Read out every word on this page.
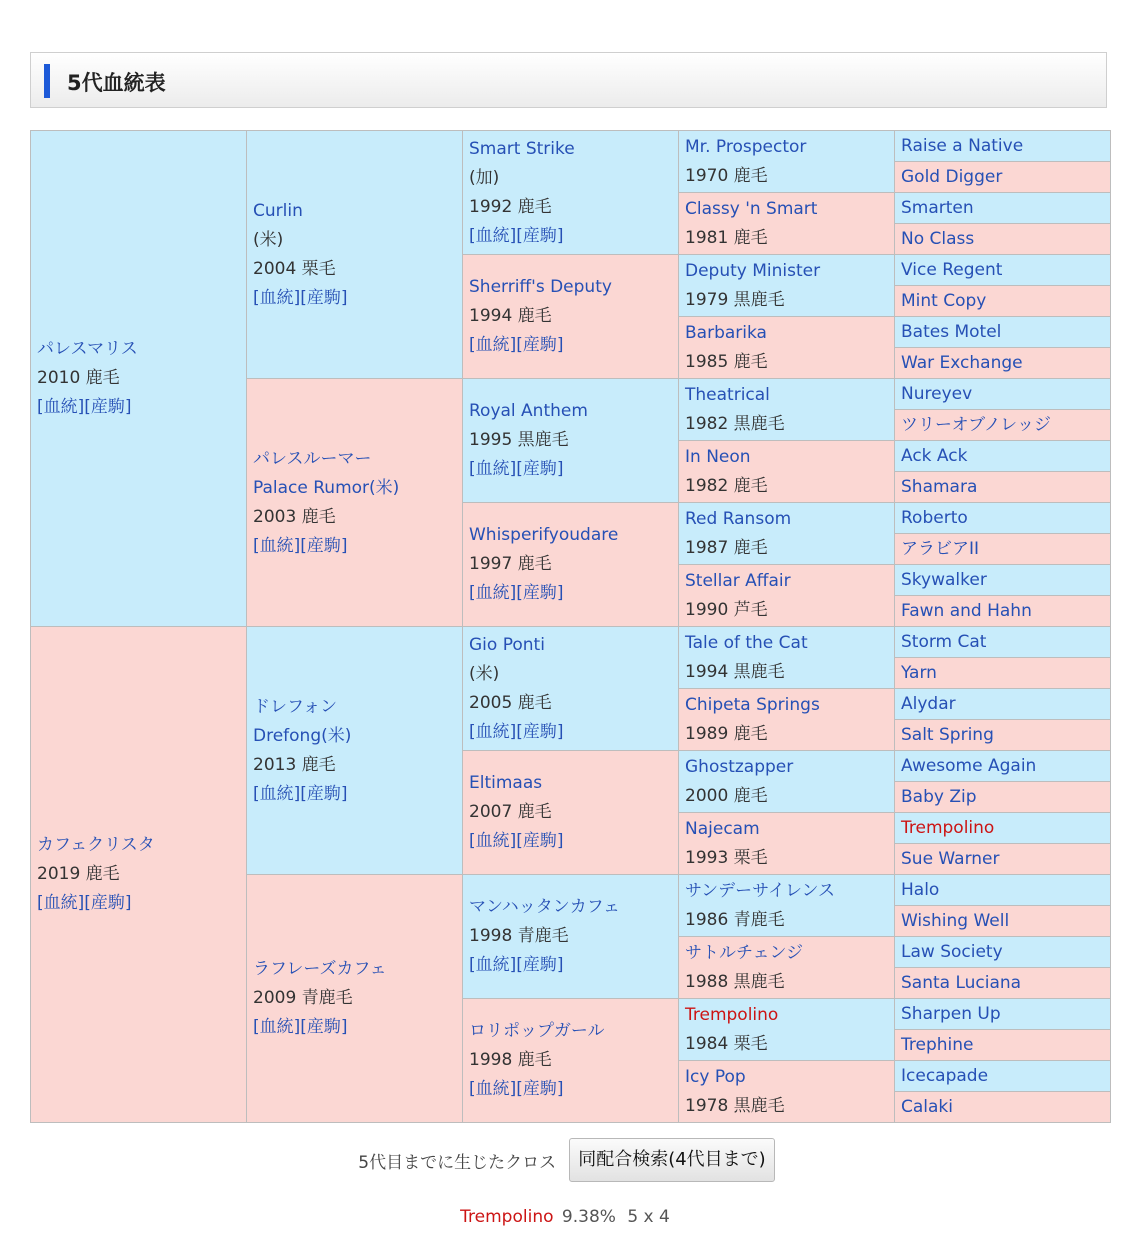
5代血統表
パレスマリス
2010 鹿毛
[血統][産駒]	Curlin
(米)
2004 栗毛
[血統][産駒]	Smart Strike
(加)
1992 鹿毛
[血統][産駒]	Mr. Prospector
1970 鹿毛	Raise a Native
				Gold Digger
			Classy 'n Smart
1981 鹿毛	Smarten
				No Class
		Sherriff's Deputy
1994 鹿毛
[血統][産駒]	Deputy Minister
1979 黒鹿毛	Vice Regent
				Mint Copy
			Barbarika
1985 鹿毛	Bates Motel
				War Exchange
	パレスルーマー
Palace Rumor(米)
2003 鹿毛
[血統][産駒]	Royal Anthem
1995 黒鹿毛
[血統][産駒]	Theatrical
1982 黒鹿毛	Nureyev
				ツリーオブノレッジ
			In Neon
1982 鹿毛	Ack Ack
				Shamara
		Whisperifyoudare
1997 鹿毛
[血統][産駒]	Red Ransom
1987 鹿毛	Roberto
				アラビアII
			Stellar Affair
1990 芦毛	Skywalker
				Fawn and Hahn
カフェクリスタ
2019 鹿毛
[血統][産駒]	ドレフォン
Drefong(米)
2013 鹿毛
[血統][産駒]	Gio Ponti
(米)
2005 鹿毛
[血統][産駒]	Tale of the Cat
1994 黒鹿毛	Storm Cat
				Yarn
			Chipeta Springs
1989 鹿毛	Alydar
				Salt Spring
		Eltimaas
2007 鹿毛
[血統][産駒]	Ghostzapper
2000 鹿毛	Awesome Again
				Baby Zip
			Najecam
1993 栗毛	Trempolino
				Sue Warner
	ラフレーズカフェ
2009 青鹿毛
[血統][産駒]	マンハッタンカフェ
1998 青鹿毛
[血統][産駒]	サンデーサイレンス
1986 青鹿毛	Halo
				Wishing Well
			サトルチェンジ
1988 黒鹿毛	Law Society
				Santa Luciana
		ロリポップガール
1998 鹿毛
[血統][産駒]	Trempolino
1984 栗毛	Sharpen Up
				Trephine
			Icy Pop
1978 黒鹿毛	Icecapade
				Calaki
5代目までに生じたクロス 同配合検索(4代目まで)
Trempolino 9.38% 5 x 4
